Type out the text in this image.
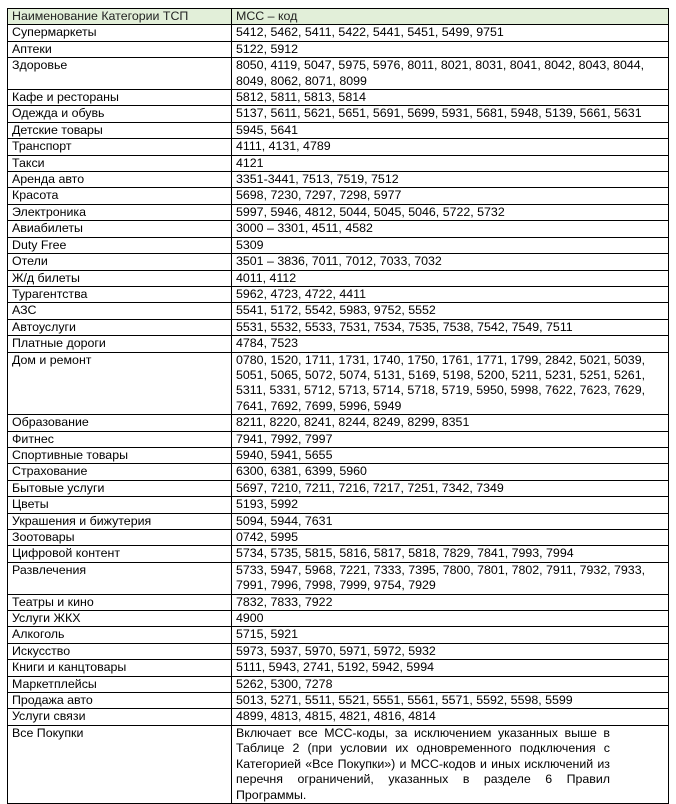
Наименование Категории ТСП	МСС – код
Супермаркеты	5412, 5462, 5411, 5422, 5441, 5451, 5499, 9751
Аптеки	5122, 5912
Здоровье	8050, 4119, 5047, 5975, 5976, 8011, 8021, 8031, 8041, 8042, 8043, 8044, 8049, 8062, 8071, 8099
Кафе и рестораны	5812, 5811, 5813, 5814
Одежда и обувь	5137, 5611, 5621, 5651, 5691, 5699, 5931, 5681, 5948, 5139, 5661, 5631
Детские товары	5945, 5641
Транспорт	4111, 4131, 4789
Такси	4121
Аренда авто	3351-3441, 7513, 7519, 7512
Красота	5698, 7230, 7297, 7298, 5977
Электроника	5997, 5946, 4812, 5044, 5045, 5046, 5722, 5732
Авиабилеты	3000 – 3301, 4511, 4582
Duty Free	5309
Отели	3501 – 3836, 7011, 7012, 7033, 7032
Ж/д билеты	4011, 4112
Турагентства	5962, 4723, 4722, 4411
АЗС	5541, 5172, 5542, 5983, 9752, 5552
Автоуслуги	5531, 5532, 5533, 7531, 7534, 7535, 7538, 7542, 7549, 7511
Платные дороги	4784, 7523
Дом и ремонт	0780, 1520, 1711, 1731, 1740, 1750, 1761, 1771, 1799, 2842, 5021, 5039, 5051, 5065, 5072, 5074, 5131, 5169, 5198, 5200, 5211, 5231, 5251, 5261, 5311, 5331, 5712, 5713, 5714, 5718, 5719, 5950, 5998, 7622, 7623, 7629, 7641, 7692, 7699, 5996, 5949
Образование	8211, 8220, 8241, 8244, 8249, 8299, 8351
Фитнес	7941, 7992, 7997
Спортивные товары	5940, 5941, 5655
Страхование	6300, 6381, 6399, 5960
Бытовые услуги	5697, 7210, 7211, 7216, 7217, 7251, 7342, 7349
Цветы	5193, 5992
Украшения и бижутерия	5094, 5944, 7631
Зоотовары	0742, 5995
Цифровой контент	5734, 5735, 5815, 5816, 5817, 5818, 7829, 7841, 7993, 7994
Развлечения	5733, 5947, 5968, 7221, 7333, 7395, 7800, 7801, 7802, 7911, 7932, 7933, 7991, 7996, 7998, 7999, 9754, 7929
Театры и кино	7832, 7833, 7922
Услуги ЖКХ	4900
Алкоголь	5715, 5921
Искусство	5973, 5937, 5970, 5971, 5972, 5932
Книги и канцтовары	5111, 5943, 2741, 5192, 5942, 5994
Маркетплейсы	5262, 5300, 7278
Продажа авто	5013, 5271, 5511, 5521, 5551, 5561, 5571, 5592, 5598, 5599
Услуги связи	4899, 4813, 4815, 4821, 4816, 4814
Все Покупки	Включает все МСС-коды, за исключением указанных выше в Таблице 2 (при условии их одновременного подключения с Категорией «Все Покупки») и МСС-кодов и иных исключений из перечня ограничений, указанных в разделе 6 Правил Программы.
